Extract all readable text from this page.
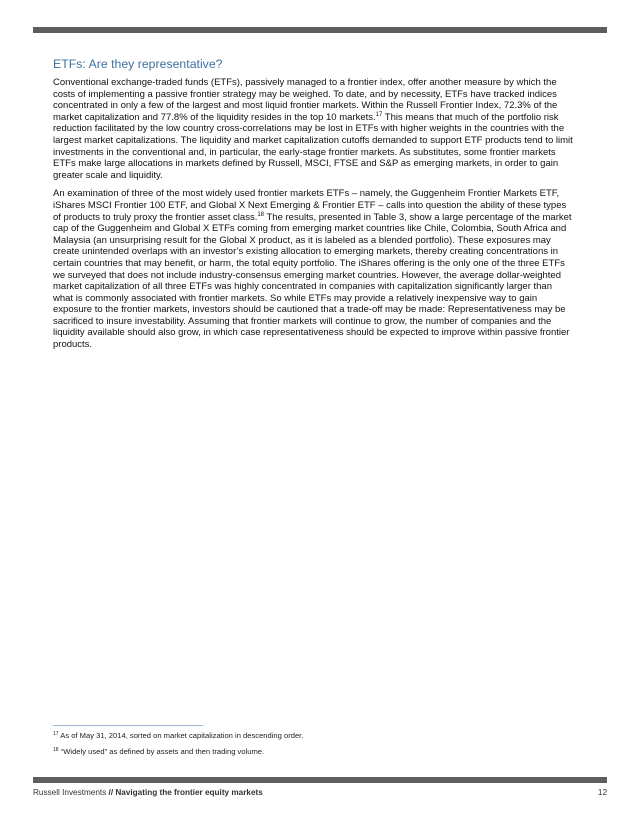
ETFs: Are they representative?

Conventional exchange-traded funds (ETFs), passively managed to a frontier index, offer another measure by which the costs of implementing a passive frontier strategy may be weighed. To date, and by necessity, ETFs have tracked indices concentrated in only a few of the largest and most liquid frontier markets. Within the Russell Frontier Index, 72.3% of the market capitalization and 77.8% of the liquidity resides in the top 10 markets.$^{17}$ This means that much of the portfolio risk reduction facilitated by the low country cross-correlations may be lost in ETFs with higher weights in the countries with the largest market capitalizations. The liquidity and market capitalization cutoffs demanded to support ETF products tend to limit investments in the conventional and, in particular, the early-stage frontier markets. As substitutes, some frontier markets ETFs make large allocations in markets defined by Russell, MSCI, FTSE and S&P as emerging markets, in order to gain greater scale and liquidity.

An examination of three of the most widely used frontier markets ETFs – namely, the Guggenheim Frontier Markets ETF, iShares MSCI Frontier 100 ETF, and Global X Next Emerging & Frontier ETF – calls into question the ability of these types of products to truly proxy the frontier asset class.$^{18}$ The results, presented in Table 3, show a large percentage of the market cap of the Guggenheim and Global X ETFs coming from emerging market countries like Chile, Colombia, South Africa and Malaysia (an unsurprising result for the Global X product, as it is labeled as a blended portfolio). These exposures may create unintended overlaps with an investor’s existing allocation to emerging markets, thereby creating concentrations in certain countries that may benefit, or harm, the total equity portfolio. The iShares offering is the only one of the three ETFs we surveyed that does not include industry-consensus emerging market countries. However, the average dollar-weighted market capitalization of all three ETFs was highly concentrated in companies with capitalization significantly larger than what is commonly associated with frontier markets. So while ETFs may provide a relatively inexpensive way to gain exposure to the frontier markets, investors should be cautioned that a trade-off may be made: Representativeness may be sacrificed to insure investability. Assuming that frontier markets will continue to grow, the number of companies and the liquidity available should also grow, in which case representativeness should be expected to improve within passive frontier products.

$^{17}$ As of May 31, 2014, sorted on market capitalization in descending order.

$^{18}$ “Widely used” as defined by assets and then trading volume.

Russell Investments // Navigating the frontier equity markets	12
